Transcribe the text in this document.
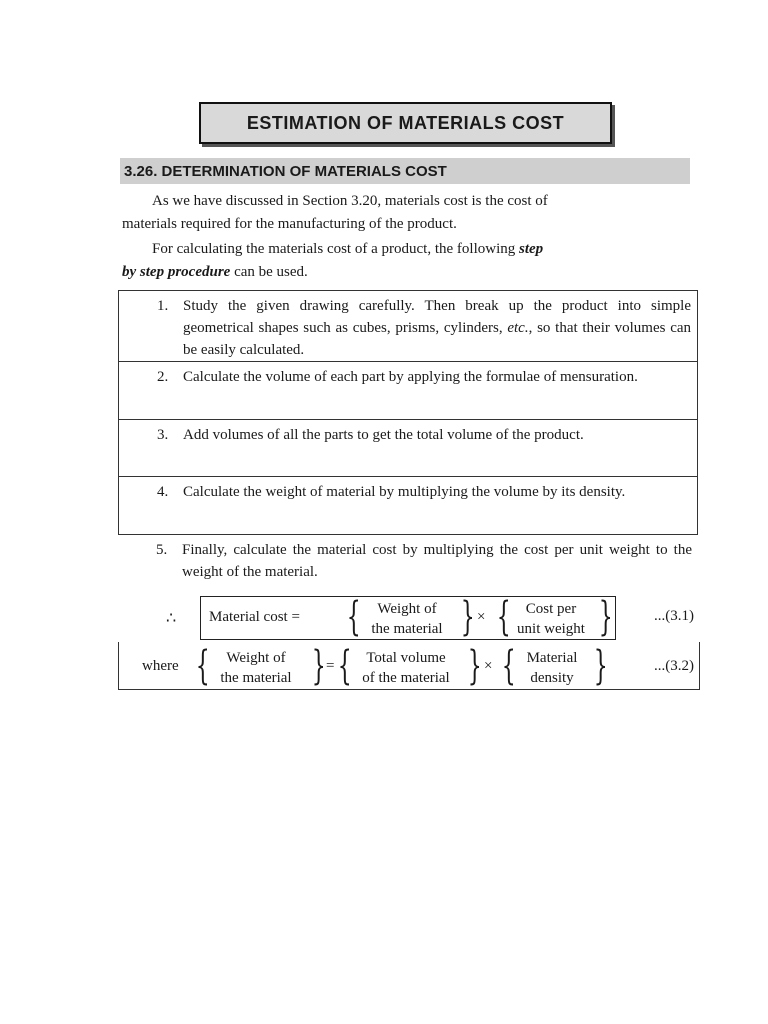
ESTIMATION OF MATERIALS COST
3.26. DETERMINATION OF MATERIALS COST
As we have discussed in Section 3.20, materials cost is the cost of
materials required for the manufacturing of the product.
For calculating the materials cost of a product, the following step
by step procedure can be used.
1. Study the given drawing carefully. Then break up the product into simple geometrical shapes such as cubes, prisms, cylinders, etc., so that their volumes can be easily calculated.
2. Calculate the volume of each part by applying the formulae of mensuration.
3. Add volumes of all the parts to get the total volume of the product.
4. Calculate the weight of material by multiplying the volume by its density.
5. Finally, calculate the material cost by multiplying the cost per unit weight to the weight of the material.
∴ Material cost = {	Weight of
the material } × {	Cost per
unit weight }	...(3.1)
where {	Weight of
the material } = { Total volume
of the material } × { Material
density }	...(3.2)
